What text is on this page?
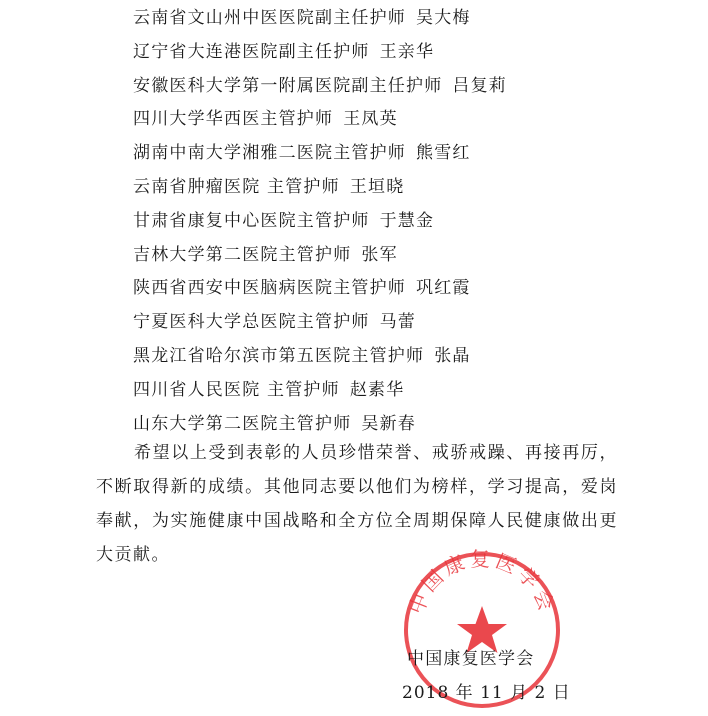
云南省文山州中医医院副主任护师 吴大梅
辽宁省大连港医院副主任护师 王亲华
安徽医科大学第一附属医院副主任护师 吕复莉
四川大学华西医主管护师 王凤英
湖南中南大学湘雅二医院主管护师 熊雪红
云南省肿瘤医院 主管护师 王垣晓
甘肃省康复中心医院主管护师 于慧金
吉林大学第二医院主管护师 张军
陕西省西安中医脑病医院主管护师 巩红霞
宁夏医科大学总医院主管护师 马蕾
黑龙江省哈尔滨市第五医院主管护师 张晶
四川省人民医院 主管护师 赵素华
山东大学第二医院主管护师 吴新春

希望以上受到表彰的人员珍惜荣誉、戒骄戒躁、再接再厉，不断取得新的成绩。其他同志要以他们为榜样，学习提高，爱岗奉献，为实施健康中国战略和全方位全周期保障人民健康做出更大贡献。

中国康复医学会
中国康复医学会
2018 年 11 月 2 日
